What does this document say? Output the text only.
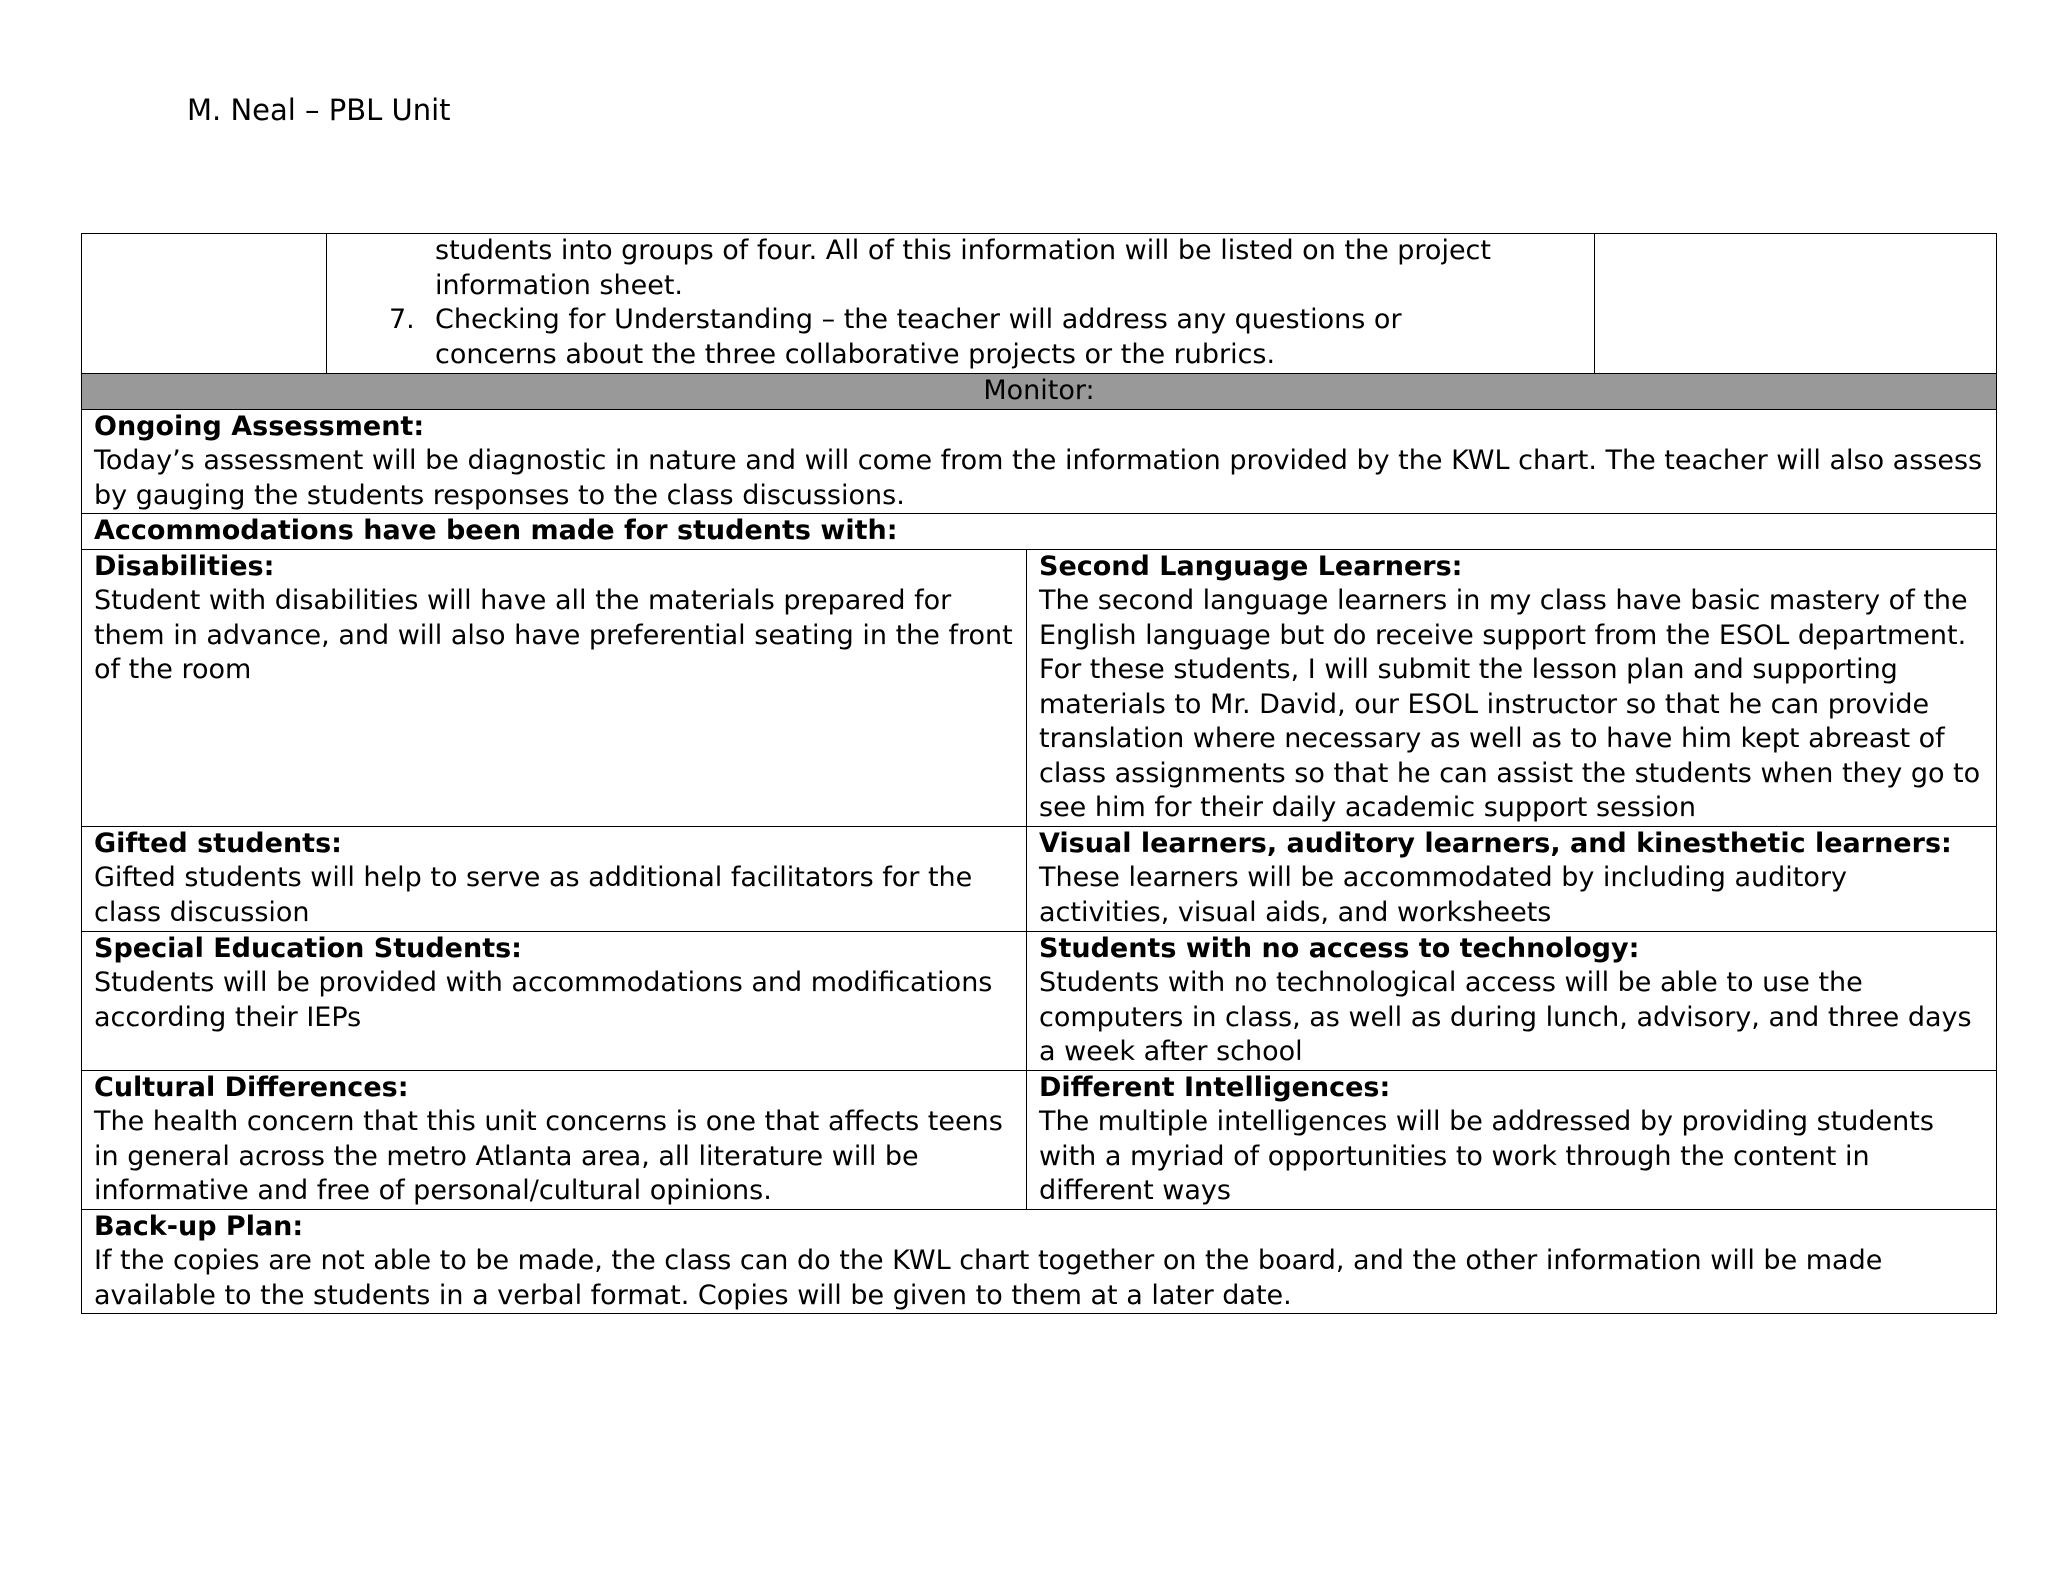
M. Neal – PBL Unit

	students into groups of four. All of this information will be listed on the project
information sheet.
7. Checking for Understanding – the teacher will address any questions or
concerns about the three collaborative projects or the rubrics.		

Monitor:			

Ongoing Assessment:
Today’s assessment will be diagnostic in nature and will come from the information provided by the KWL chart. The teacher will also assess by gauging the students responses to the class discussions.			

Accommodations have been made for students with:			

Disabilities:
Student with disabilities will have all the materials prepared for them in advance, and will also have preferential seating in the front of the room		Second Language Learners:
The second language learners in my class have basic mastery of the English language but do receive support from the ESOL department. For these students, I will submit the lesson plan and supporting materials to Mr. David, our ESOL instructor so that he can provide translation where necessary as well as to have him kept abreast of class assignments so that he can assist the students when they go to see him for their daily academic support session	

Gifted students:
Gifted students will help to serve as additional facilitators for the class discussion		Visual learners, auditory learners, and kinesthetic learners:
These learners will be accommodated by including auditory activities, visual aids, and worksheets	

Special Education Students:
Students will be provided with accommodations and modifications according their IEPs		Students with no access to technology:
Students with no technological access will be able to use the computers in class, as well as during lunch, advisory, and three days a week after school	

Cultural Differences:
The health concern that this unit concerns is one that affects teens in general across the metro Atlanta area, all literature will be informative and free of personal/cultural opinions.		Different Intelligences:
The multiple intelligences will be addressed by providing students with a myriad of opportunities to work through the content in different ways	

Back-up Plan:
If the copies are not able to be made, the class can do the KWL chart together on the board, and the other information will be made available to the students in a verbal format. Copies will be given to them at a later date.			
